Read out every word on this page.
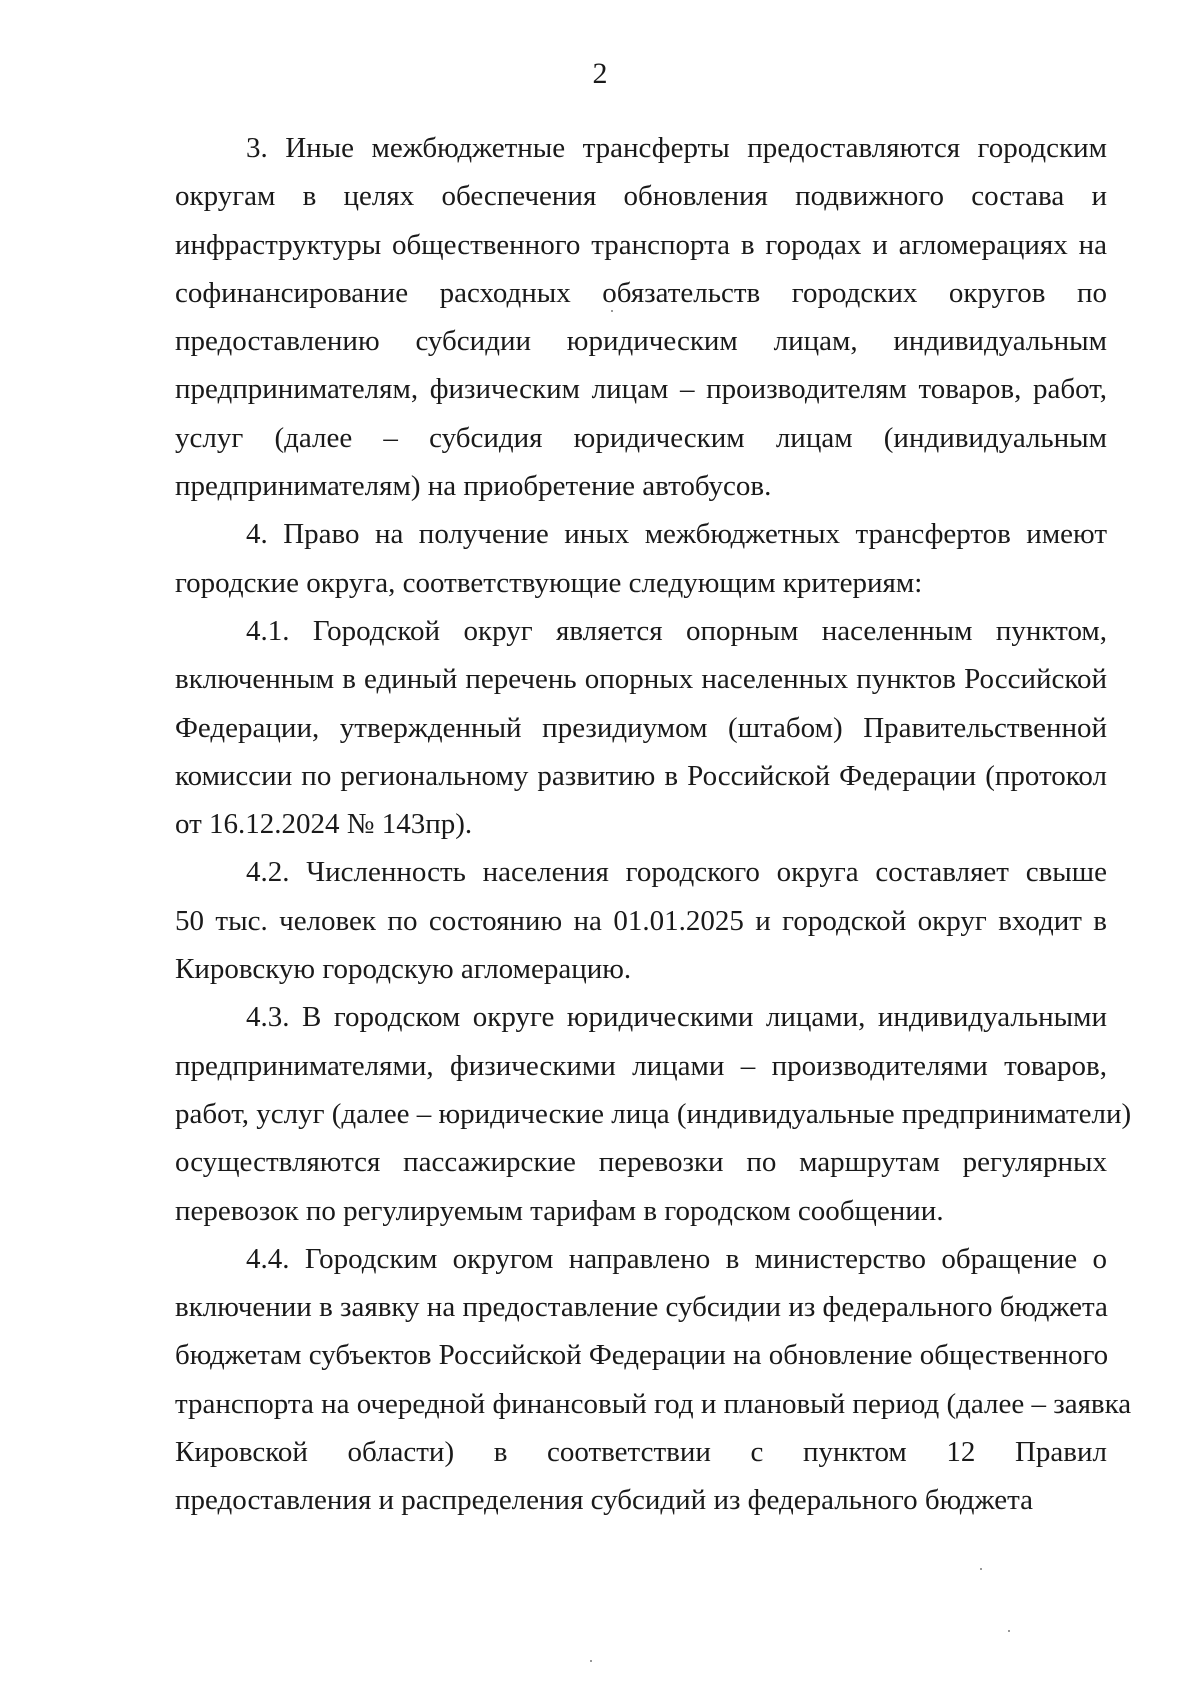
2
3. Иные межбюджетные трансферты предоставляются городским
округам в целях обеспечения обновления подвижного состава и
инфраструктуры общественного транспорта в городах и агломерациях на
софинансирование расходных обязательств городских округов по
предоставлению субсидии юридическим лицам, индивидуальным
предпринимателям, физическим лицам – производителям товаров, работ,
услуг (далее – субсидия юридическим лицам (индивидуальным
предпринимателям) на приобретение автобусов.
4. Право на получение иных межбюджетных трансфертов имеют
городские округа, соответствующие следующим критериям:
4.1. Городской округ является опорным населенным пунктом,
включенным в единый перечень опорных населенных пунктов Российской
Федерации, утвержденный президиумом (штабом) Правительственной
комиссии по региональному развитию в Российской Федерации (протокол
от 16.12.2024 № 143пр).
4.2. Численность населения городского округа составляет свыше
50 тыс. человек по состоянию на 01.01.2025 и городской округ входит в
Кировскую городскую агломерацию.
4.3. В городском округе юридическими лицами, индивидуальными
предпринимателями, физическими лицами – производителями товаров,
работ, услуг (далее – юридические лица (индивидуальные предприниматели)
осуществляются пассажирские перевозки по маршрутам регулярных
перевозок по регулируемым тарифам в городском сообщении.
4.4. Городским округом направлено в министерство обращение о
включении в заявку на предоставление субсидии из федерального бюджета
бюджетам субъектов Российской Федерации на обновление общественного
транспорта на очередной финансовый год и плановый период (далее – заявка
Кировской области) в соответствии с пунктом 12 Правил
предоставления и распределения субсидий из федерального бюджета
